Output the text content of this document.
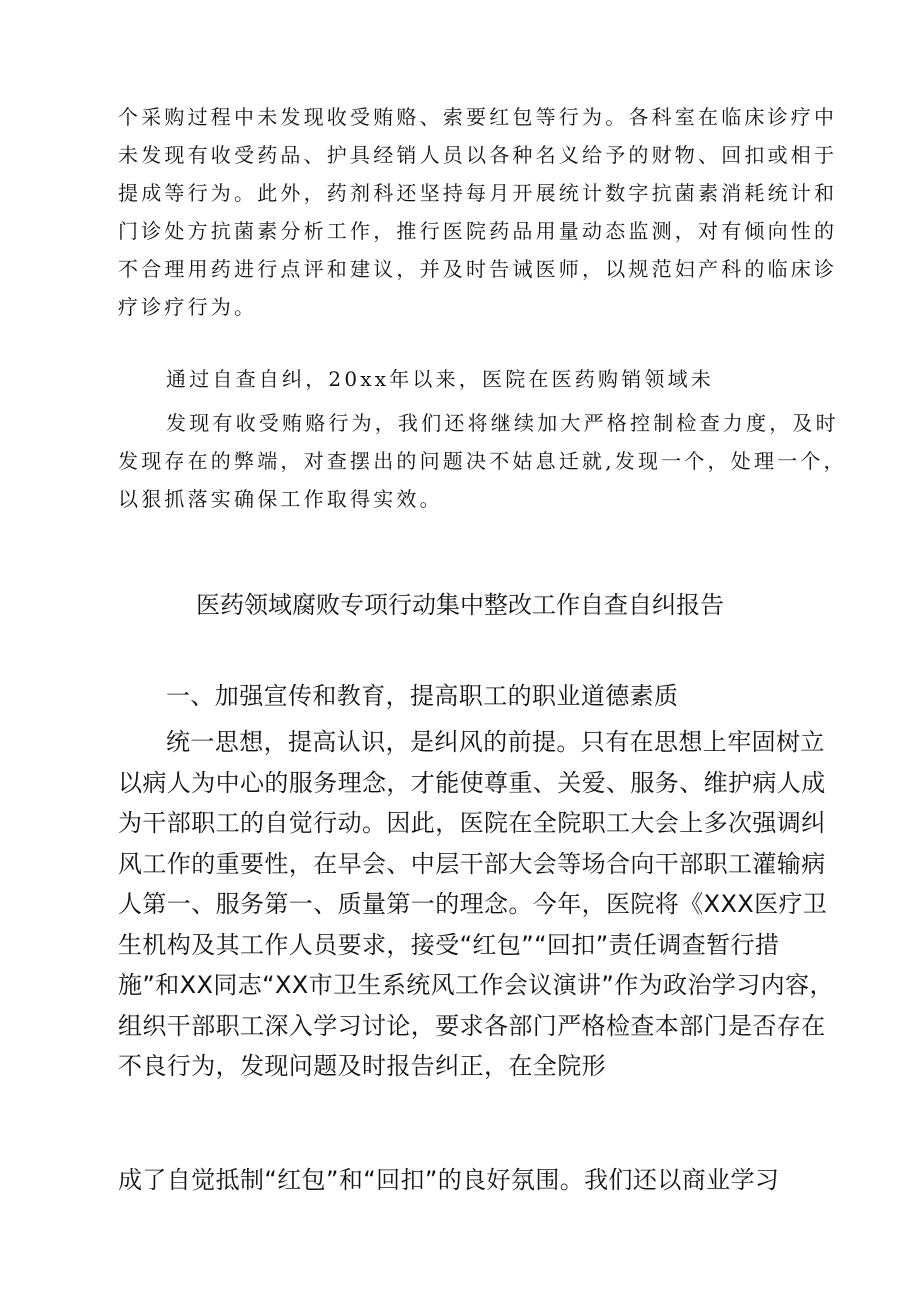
个采购过程中未发现收受贿赂、索要红包等行为。各科室在临床诊疗中
未发现有收受药品、护具经销人员以各种名义给予的财物、回扣或相于
提成等行为。此外，药剂科还坚持每月开展统计数字抗菌素消耗统计和
门诊处方抗菌素分析工作，推行医院药品用量动态监测，对有倾向性的
不合理用药进行点评和建议，并及时告诫医师，以规范妇产科的临床诊
疗诊疗行为。

通过自查自纠，20xx年以来，医院在医药购销领域未

发现有收受贿赂行为，我们还将继续加大严格控制检查力度，及时
发现存在的弊端，对查摆出的问题决不姑息迁就,发现一个，处理一个，
以狠抓落实确保工作取得实效。
医药领域腐败专项行动集中整改工作自查自纠报告
一、加强宣传和教育，提高职工的职业道德素质
统一思想，提高认识，是纠风的前提。只有在思想上牢固树立
以病人为中心的服务理念，才能使尊重、关爱、服务、维护病人成
为干部职工的自觉行动。因此，医院在全院职工大会上多次强调纠
风工作的重要性，在早会、中层干部大会等场合向干部职工灌输病
人第一、服务第一、质量第一的理念。今年，医院将《XXX医疗卫
生机构及其工作人员要求，接受“红包”“回扣”责任调查暂行措
施”和XX同志“XX市卫生系统风工作会议演讲”作为政治学习内容，
组织干部职工深入学习讨论，要求各部门严格检查本部门是否存在
不良行为，发现问题及时报告纠正，在全院形

成了自觉抵制“红包”和“回扣”的良好氛围。我们还以商业学习
